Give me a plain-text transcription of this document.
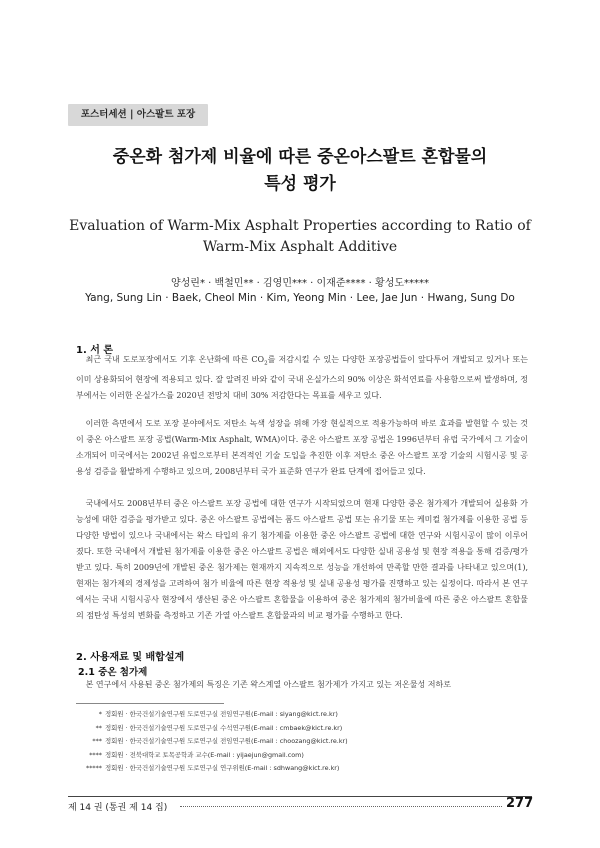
포스터세션 | 아스팔트 포장
중온화 첨가제 비율에 따른 중온아스팔트 혼합물의
특성 평가
Evaluation of Warm-Mix Asphalt Properties according to Ratio of
Warm-Mix Asphalt Additive
양성린* · 백철민** · 김영민*** · 이재준**** · 황성도*****
Yang, Sung Lin · Baek, Cheol Min · Kim, Yeong Min · Lee, Jae Jun · Hwang, Sung Do
1. 서 론
최근 국내 도로포장에서도 기후 온난화에 따른 $CO_2$를 저감시킬 수 있는 다양한 포장공법들이 앞다투어 개발되고 있거나 또는 이미 상용화되어 현장에 적용되고 있다. 잘 알려진 바와 같이 국내 온실가스의 90% 이상은 화석연료를 사용함으로써 발생하며, 정부에서는 이러한 온실가스를 2020년 전망치 대비 30% 저감한다는 목표를 세우고 있다.
이러한 측면에서 도로 포장 분야에서도 저탄소 녹색 성장을 위해 가장 현실적으로 적용가능하며 바로 효과를 발현할 수 있는 것이 중온 아스팔트 포장 공법(Warm-Mix Asphalt, WMA)이다. 중온 아스팔트 포장 공법은 1996년부터 유럽 국가에서 그 기술이 소개되어 미국에서는 2002년 유럽으로부터 본격적인 기술 도입을 추진한 이후 저탄소 중온 아스팔트 포장 기술의 시험시공 및 공용성 검증을 활발하게 수행하고 있으며, 2008년부터 국가 표준화 연구가 완료 단계에 접어들고 있다.
국내에서도 2008년부터 중온 아스팔트 포장 공법에 대한 연구가 시작되었으며 현재 다양한 중온 첨가제가 개발되어 실용화 가능성에 대한 검증을 평가받고 있다. 중온 아스팔트 공법에는 폼드 아스팔트 공법 또는 유기물 또는 케미컬 첨가제를 이용한 공법 등 다양한 방법이 있으나 국내에서는 왁스 타입의 유기 첨가제를 이용한 중온 아스팔트 공법에 대한 연구와 시험시공이 많이 이루어 졌다. 또한 국내에서 개발된 첨가제를 이용한 중온 아스팔트 공법은 해외에서도 다양한 실내 공용성 및 현장 적용을 통해 검증/평가 받고 있다. 특히 2009년에 개발된 중온 첨가제는 현재까지 지속적으로 성능을 개선하여 만족할 만한 결과를 나타내고 있으며(1), 현재는 첨가제의 경제성을 고려하여 첨가 비율에 따른 현장 적용성 및 실내 공용성 평가를 진행하고 있는 실정이다. 따라서 본 연구에서는 국내 시험시공사 현장에서 생산된 중온 아스팔트 혼합물을 이용하여 중온 첨가제의 첨가비율에 따른 중온 아스팔트 혼합물의 점탄성 특성의 변화를 측정하고 기존 가열 아스팔트 혼합물과의 비교 평가를 수행하고 한다.
2. 사용재료 및 배합설계
2.1 중온 첨가제
본 연구에서 사용된 중온 첨가제의 특징은 기존 왁스계열 아스팔트 첨가제가 가지고 있는 저온물성 저하로
* 정회원 · 한국건설기술연구원 도로연구실 전임연구원(E-mail : siyang@kict.re.kr)
** 정회원 · 한국건설기술연구원 도로연구실 수석연구원(E-mail : cmbaek@kict.re.kr)
*** 정회원 · 한국건설기술연구원 도로연구실 전임연구원(E-mail : choozang@kict.re.kr)
**** 정회원 · 전북대학교 토목공학과 교수(E-mail : yijaejun@gmail.com)
***** 정회원 · 한국건설기술연구원 도로연구실 연구위원(E-mail : sdhwang@kict.re.kr)
제 14 권 (통권 제 14 집)	277
